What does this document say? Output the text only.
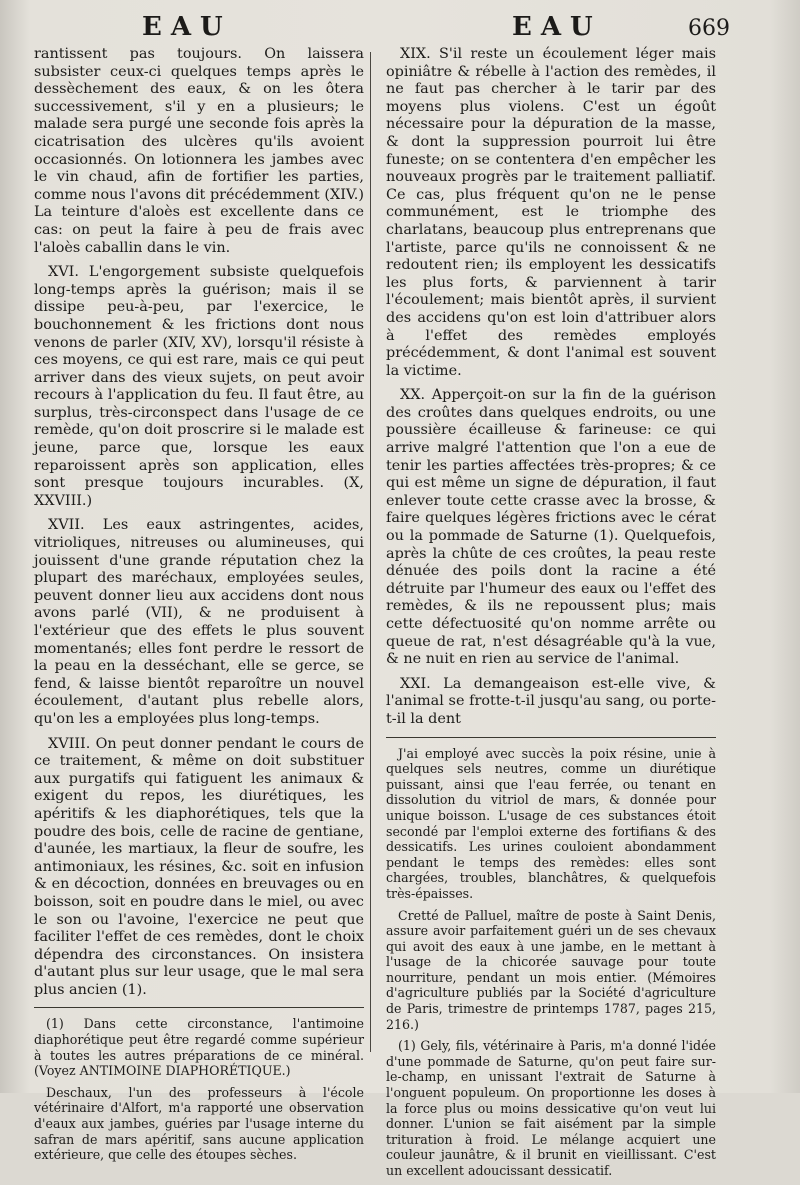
EAU	EAU	669

rantissent pas toujours. On laissera subsister ceux-ci quelques temps après le dessèchement des eaux, & on les ôtera successivement, s'il y en a plusieurs; le malade sera purgé une seconde fois après la cicatrisation des ulcères qu'ils avoient occasionnés. On lotionnera les jambes avec le vin chaud, afin de fortifier les parties, comme nous l'avons dit précédemment (XIV.) La teinture d'aloès est excellente dans ce cas: on peut la faire à peu de frais avec l'aloès caballin dans le vin.

XVI. L'engorgement subsiste quelquefois long-temps après la guérison; mais il se dissipe peu-à-peu, par l'exercice, le bouchonnement & les frictions dont nous venons de parler (XIV, XV), lorsqu'il résiste à ces moyens, ce qui est rare, mais ce qui peut arriver dans des vieux sujets, on peut avoir recours à l'application du feu. Il faut être, au surplus, très-circonspect dans l'usage de ce remède, qu'on doit proscrire si le malade est jeune, parce que, lorsque les eaux reparoissent après son application, elles sont presque toujours incurables. (X, XXVIII.)

XVII. Les eaux astringentes, acides, vitrioliques, nitreuses ou alumineuses, qui jouissent d'une grande réputation chez la plupart des maréchaux, employées seules, peuvent donner lieu aux accidens dont nous avons parlé (VII), & ne produisent à l'extérieur que des effets le plus souvent momentanés; elles font perdre le ressort de la peau en la desséchant, elle se gerce, se fend, & laisse bientôt reparoître un nouvel écoulement, d'autant plus rebelle alors, qu'on les a employées plus long-temps.

XVIII. On peut donner pendant le cours de ce traitement, & même on doit substituer aux purgatifs qui fatiguent les animaux & exigent du repos, les diurétiques, les apéritifs & les diaphorétiques, tels que la poudre des bois, celle de racine de gentiane, d'aunée, les martiaux, la fleur de soufre, les antimoniaux, les résines, &c. soit en infusion & en décoction, données en breuvages ou en boisson, soit en poudre dans le miel, ou avec le son ou l'avoine, l'exercice ne peut que faciliter l'effet de ces remèdes, dont le choix dépendra des circonstances. On insistera d'autant plus sur leur usage, que le mal sera plus ancien (1).

(1) Dans cette circonstance, l'antimoine diaphorétique peut être regardé comme supérieur à toutes les autres préparations de ce minéral. (Voyez ANTIMOINE DIAPHORÉTIQUE.)

Deschaux, l'un des professeurs à l'école vétérinaire d'Alfort, m'a rapporté une observation d'eaux aux jambes, guéries par l'usage interne du safran de mars apéritif, sans aucune application extérieure, que celle des étoupes sèches.

XIX. S'il reste un écoulement léger mais opiniâtre & rébelle à l'action des remèdes, il ne faut pas chercher à le tarir par des moyens plus violens. C'est un égoût nécessaire pour la dépuration de la masse, & dont la suppression pourroit lui être funeste; on se contentera d'en empêcher les nouveaux progrès par le traitement palliatif. Ce cas, plus fréquent qu'on ne le pense communément, est le triomphe des charlatans, beaucoup plus entreprenans que l'artiste, parce qu'ils ne connoissent & ne redoutent rien; ils employent les dessicatifs les plus forts, & parviennent à tarir l'écoulement; mais bientôt après, il survient des accidens qu'on est loin d'attribuer alors à l'effet des remèdes employés précédemment, & dont l'animal est souvent la victime.

XX. Apperçoit-on sur la fin de la guérison des croûtes dans quelques endroits, ou une poussière écailleuse & farineuse: ce qui arrive malgré l'attention que l'on a eue de tenir les parties affectées très-propres; & ce qui est même un signe de dépuration, il faut enlever toute cette crasse avec la brosse, & faire quelques légères frictions avec le cérat ou la pommade de Saturne (1). Quelquefois, après la chûte de ces croûtes, la peau reste dénuée des poils dont la racine a été détruite par l'humeur des eaux ou l'effet des remèdes, & ils ne repoussent plus; mais cette défectuosité qu'on nomme arrête ou queue de rat, n'est désagréable qu'à la vue, & ne nuit en rien au service de l'animal.

XXI. La demangeaison est-elle vive, & l'animal se frotte-t-il jusqu'au sang, ou porte-t-il la dent

J'ai employé avec succès la poix résine, unie à quelques sels neutres, comme un diurétique puissant, ainsi que l'eau ferrée, ou tenant en dissolution du vitriol de mars, & donnée pour unique boisson. L'usage de ces substances étoit secondé par l'emploi externe des fortifians & des dessicatifs. Les urines couloient abondamment pendant le temps des remèdes: elles sont chargées, troubles, blanchâtres, & quelquefois très-épaisses.

Cretté de Palluel, maître de poste à Saint Denis, assure avoir parfaitement guéri un de ses chevaux qui avoit des eaux à une jambe, en le mettant à l'usage de la chicorée sauvage pour toute nourriture, pendant un mois entier. (Mémoires d'agriculture publiés par la Société d'agriculture de Paris, trimestre de printemps 1787, pages 215, 216.)

(1) Gely, fils, vétérinaire à Paris, m'a donné l'idée d'une pommade de Saturne, qu'on peut faire sur-le-champ, en unissant l'extrait de Saturne à l'onguent populeum. On proportionne les doses à la force plus ou moins dessicative qu'on veut lui donner. L'union se fait aisément par la simple trituration à froid. Le mélange acquiert une couleur jaunâtre, & il brunit en vieillissant. C'est un excellent adoucissant dessicatif.
